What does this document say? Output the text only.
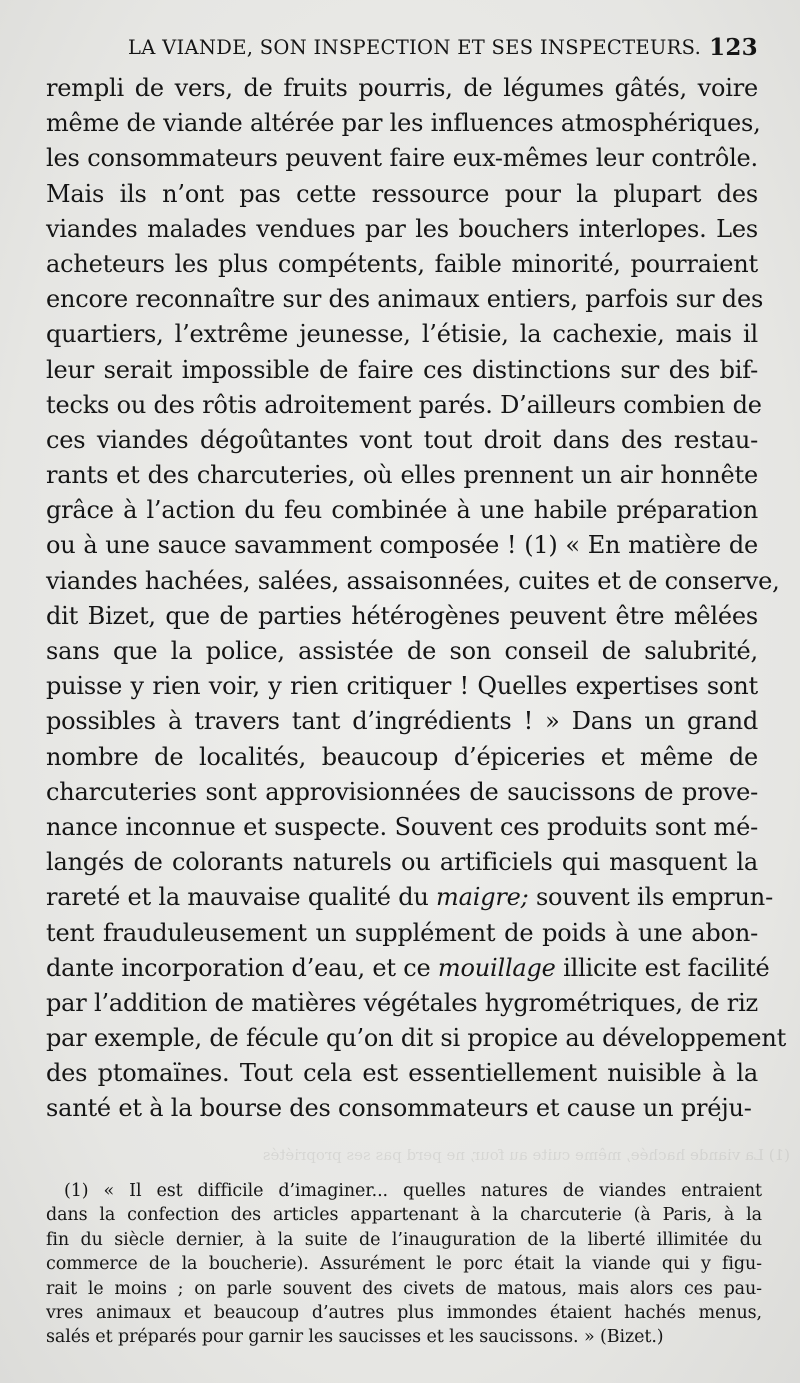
LA VIANDE, SON INSPECTION ET SES INSPECTEURS. 123
rempli de vers, de fruits pourris, de légumes gâtés, voire
même de viande altérée par les influences atmosphériques,
les consommateurs peuvent faire eux-mêmes leur contrôle.
Mais ils n’ont pas cette ressource pour la plupart des
viandes malades vendues par les bouchers interlopes. Les
acheteurs les plus compétents, faible minorité, pourraient
encore reconnaître sur des animaux entiers, parfois sur des
quartiers, l’extrême jeunesse, l’étisie, la cachexie, mais il
leur serait impossible de faire ces distinctions sur des bif-
tecks ou des rôtis adroitement parés. D’ailleurs combien de
ces viandes dégoûtantes vont tout droit dans des restau-
rants et des charcuteries, où elles prennent un air honnête
grâce à l’action du feu combinée à une habile préparation
ou à une sauce savamment composée ! (1) « En matière de
viandes hachées, salées, assaisonnées, cuites et de conserve,
dit Bizet, que de parties hétérogènes peuvent être mêlées
sans que la police, assistée de son conseil de salubrité,
puisse y rien voir, y rien critiquer ! Quelles expertises sont
possibles à travers tant d’ingrédients ! » Dans un grand
nombre de localités, beaucoup d’épiceries et même de
charcuteries sont approvisionnées de saucissons de prove-
nance inconnue et suspecte. Souvent ces produits sont mé-
langés de colorants naturels ou artificiels qui masquent la
rareté et la mauvaise qualité du maigre; souvent ils emprun-
tent frauduleusement un supplément de poids à une abon-
dante incorporation d’eau, et ce mouillage illicite est facilité
par l’addition de matières végétales hygrométriques, de riz
par exemple, de fécule qu’on dit si propice au développement
des ptomaïnes. Tout cela est essentiellement nuisible à la
santé et à la bourse des consommateurs et cause un préju-
(1) La viande hachée, même cuite au four, ne perd pas ses propriétés
(1) « Il est difficile d’imaginer... quelles natures de viandes entraient
dans la confection des articles appartenant à la charcuterie (à Paris, à la
fin du siècle dernier, à la suite de l’inauguration de la liberté illimitée du
commerce de la boucherie). Assurément le porc était la viande qui y figu-
rait le moins ; on parle souvent des civets de matous, mais alors ces pau-
vres animaux et beaucoup d’autres plus immondes étaient hachés menus,
salés et préparés pour garnir les saucisses et les saucissons. » (Bizet.)
